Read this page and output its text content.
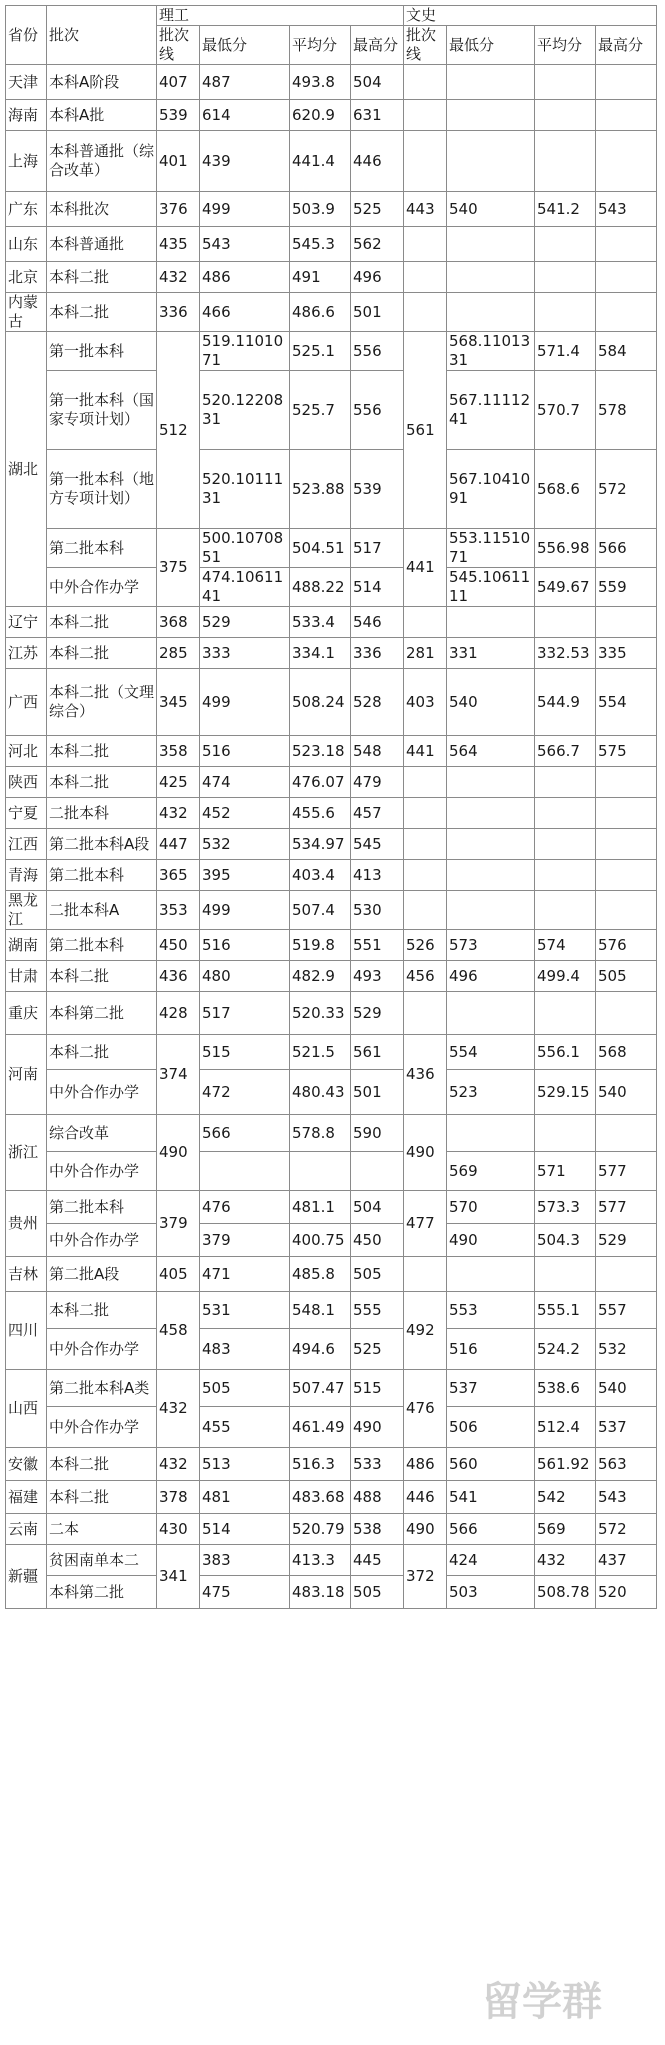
省份	批次	理工				文史			
		批次线	最低分	平均分	最高分	批次线	最低分	平均分	最高分
天津	本科A阶段	407	487	493.8	504				
海南	本科A批	539	614	620.9	631				
上海	本科普通批（综合改革）	401	439	441.4	446				
广东	本科批次	376	499	503.9	525	443	540	541.2	543
山东	本科普通批	435	543	545.3	562				
北京	本科二批	432	486	491	496				
内蒙古	本科二批	336	466	486.6	501				
湖北	第一批本科	512	519.1101071	525.1	556	561	568.1101331	571.4	584
	第一批本科（国家专项计划）		520.1220831	525.7	556		567.1111241	570.7	578
	第一批本科（地方专项计划）		520.1011131	523.88	539		567.1041091	568.6	572
	第二批本科	375	500.1070851	504.51	517	441	553.1151071	556.98	566
	中外合作办学		474.1061141	488.22	514		545.1061111	549.67	559
辽宁	本科二批	368	529	533.4	546				
江苏	本科二批	285	333	334.1	336	281	331	332.53	335
广西	本科二批（文理综合）	345	499	508.24	528	403	540	544.9	554
河北	本科二批	358	516	523.18	548	441	564	566.7	575
陕西	本科二批	425	474	476.07	479				
宁夏	二批本科	432	452	455.6	457				
江西	第二批本科A段	447	532	534.97	545				
青海	第二批本科	365	395	403.4	413				
黑龙江	二批本科A	353	499	507.4	530				
湖南	第二批本科	450	516	519.8	551	526	573	574	576
甘肃	本科二批	436	480	482.9	493	456	496	499.4	505
重庆	本科第二批	428	517	520.33	529				
河南	本科二批	374	515	521.5	561	436	554	556.1	568
	中外合作办学		472	480.43	501		523	529.15	540
浙江	综合改革	490	566	578.8	590	490			
	中外合作办学						569	571	577
贵州	第二批本科	379	476	481.1	504	477	570	573.3	577
	中外合作办学		379	400.75	450		490	504.3	529
吉林	第二批A段	405	471	485.8	505				
四川	本科二批	458	531	548.1	555	492	553	555.1	557
	中外合作办学		483	494.6	525		516	524.2	532
山西	第二批本科A类	432	505	507.47	515	476	537	538.6	540
	中外合作办学		455	461.49	490		506	512.4	537
安徽	本科二批	432	513	516.3	533	486	560	561.92	563
福建	本科二批	378	481	483.68	488	446	541	542	543
云南	二本	430	514	520.79	538	490	566	569	572
新疆	贫困南单本二	341	383	413.3	445	372	424	432	437
	本科第二批		475	483.18	505		503	508.78	520
留学群
